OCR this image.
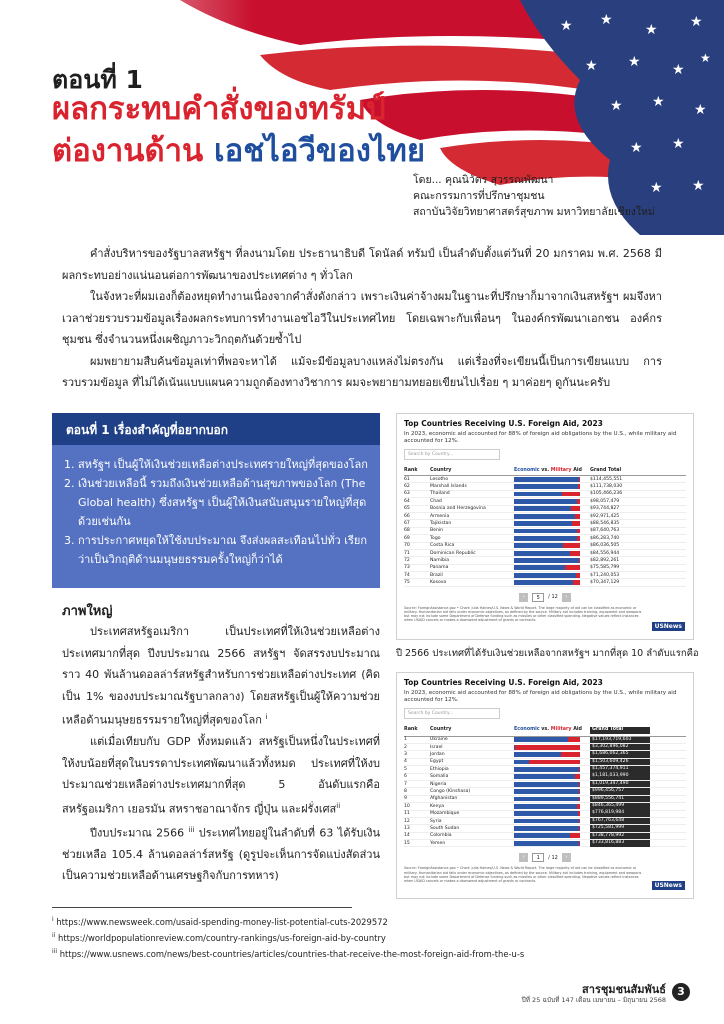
ตอนที่ 1
ผลกระทบคำสั่งของทรัมป์
ต่องานด้าน เอชไอวีของไทย
โดย... คุณนิวัตร สุวรรณพัฒนา
คณะกรรมการที่ปรึกษาชุมชน
สถาบันวิจัยวิทยาศาสตร์สุขภาพ มหาวิทยาลัยเชียงใหม่

คำสั่งบริหารของรัฐบาลสหรัฐฯ ที่ลงนามโดย ประธานาธิบดี โดนัลด์ ทรัมป์ เป็นลำดับตั้งแต่วันที่ 20 มกราคม พ.ศ. 2568 มีผลกระทบอย่างแน่นอนต่อการพัฒนาของประเทศต่าง ๆ ทั่วโลก

ในจังหวะที่ผมเองก็ต้องหยุดทำงานเนื่องจากคำสั่งดังกล่าว เพราะเงินค่าจ้างผมในฐานะที่ปรึกษาก็มาจากเงินสหรัฐฯ ผมจึงหาเวลาช่วยรวบรวมข้อมูลเรื่องผลกระทบการทำงานเอชไอวีในประเทศไทย โดยเฉพาะกับเพื่อนๆ ในองค์กรพัฒนาเอกชน องค์กรชุมชน ซึ่งจำนวนหนึ่งเผชิญภาวะวิกฤตกันด้วยซ้ำไป

ผมพยายามสืบค้นข้อมูลเท่าที่พอจะหาได้ แม้จะมีข้อมูลบางแหล่งไม่ตรงกัน แต่เรื่องที่จะเขียนนี้เป็นการเขียนแบบ การรวบรวมข้อมูล ที่ไม่ได้เน้นแบบแผนความถูกต้องทางวิชาการ ผมจะพยายามทยอยเขียนไปเรื่อย ๆ มาค่อยๆ ดูกันนะครับ

ตอนที่ 1 เรื่องสำคัญที่อยากบอก
1. สหรัฐฯ เป็นผู้ให้เงินช่วยเหลือต่างประเทศรายใหญ่ที่สุดของโลก
2. เงินช่วยเหลือนี้ รวมถึงเงินช่วยเหลือด้านสุขภาพของโลก (The Global health) ซึ่งสหรัฐฯ เป็นผู้ให้เงินสนับสนุนรายใหญ่ที่สุดด้วยเช่นกัน
3. การประกาศหยุดให้ใช้งบประมาณ จึงส่งผลสะเทือนไปทั่ว เรียกว่าเป็นวิกฤติด้านมนุษยธรรมครั้งใหญ่ก็ว่าได้
ภาพใหญ่

ประเทศสหรัฐอเมริกา เป็นประเทศที่ให้เงินช่วยเหลือต่างประเทศมากที่สุด ปีงบประมาณ 2566 สหรัฐฯ จัดสรรงบประมาณราว 40 พันล้านดอลล่าร์สหรัฐสำหรับการช่วยเหลือต่างประเทศ (คิดเป็น 1% ของงบประมาณรัฐบาลกลาง) โดยสหรัฐเป็นผู้ให้ความช่วยเหลือด้านมนุษยธรรมรายใหญ่ที่สุดของโลก $^i$

แต่เมื่อเทียบกับ GDP ทั้งหมดแล้ว สหรัฐเป็นหนึ่งในประเทศที่ให้งบน้อยที่สุดในบรรดาประเทศพัฒนาแล้วทั้งหมด ประเทศที่ให้งบประมาณช่วยเหลือต่างประเทศมากที่สุด 5 อันดับแรกคือ สหรัฐอเมริกา เยอรมัน สหราชอาณาจักร ญี่ปุ่น และฝรั่งเศส$^{ii}$

ปีงบประมาณ 2566 $^{iii}$ ประเทศไทยอยู่ในลำดับที่ 63 ได้รับเงินช่วยเหลือ 105.4 ล้านดอลล่าร์สหรัฐ (ดูรูปจะเห็นการจัดแบ่งสัดส่วนเป็นความช่วยเหลือด้านเศรษฐกิจกับการทหาร)

Top Countries Receiving U.S. Foreign Aid, 2023
In 2023, economic aid accounted for 88% of foreign aid obligations by the U.S., while military aid accounted for 12%.
Search by Country...
Rank	Country	Economic vs. Military Aid	Grand Total
61	Lesotho	$114,455,551
62	Marshall Islands	$111,738,030
63	Thailand	$105,466,236
64	Chad	$98,057,479
65	Bosnia and Herzegovina	$93,744,827
66	Armenia	$92,971,425
67	Tajikistan	$88,546,835
68	Benin	$87,640,763
69	Togo	$86,283,740
70	Costa Rica	$86,036,505
71	Dominican Republic	$84,556,944
72	Namibia	$82,892,261
73	Panama	$75,585,799
74	Brazil	$71,240,053
75	Kosovo	$70,347,129
‹	5	/ 12	›
Source: ForeignAssistance.gov • Chart: Julia Haines/U.S. News & World Report. The large majority of aid can be classified as economic or military. Humanitarian aid falls under economic objectives, as defined by the source. Military aid includes training, equipment and weapons but may not include some Department of Defense funding such as missiles or other classified spending. Negative values reflect instances when USAID cancels or makes a downward adjustment of grants or contracts.
USNews
ปี 2566 ประเทศที่ได้รับเงินช่วยเหลือจากสหรัฐฯ มากที่สุด 10 ลำดับแรกคือ
Top Countries Receiving U.S. Foreign Aid, 2023
In 2023, economic aid accounted for 88% of foreign aid obligations by the U.S., while military aid accounted for 12%.
Search by Country...
Rank	Country	Economic vs. Military Aid	Grand Total
1	Ukraine	$17,193,719,603
2	Israel	$3,302,896,082
3	Jordan	$1,686,062,365
4	Egypt	$1,503,609,426
5	Ethiopia	$1,457,374,911
6	Somalia	$1,181,033,990
7	Nigeria	$1,019,347,490
8	Congo (Kinshasa)	$996,456,757
9	Afghanistan	$889,556,741
10	Kenya	$846,365,499
11	Mozambique	$776,819,984
12	Syria	$767,763,648
13	South Sudan	$725,581,999
14	Colombia	$738,778,992
15	Yemen	$733,816,883
‹	1	/ 12	›
Source: ForeignAssistance.gov • Chart: Julia Haines/U.S. News & World Report. The large majority of aid can be classified as economic or military. Humanitarian aid falls under economic objectives, as defined by the source. Military aid includes training, equipment and weapons but may not include some Department of Defense funding such as missiles or other classified spending. Negative values reflect instances when USAID cancels or makes a downward adjustment of grants or contracts.
USNews
$^i$ https://www.newsweek.com/usaid-spending-money-list-potential-cuts-2029572
$^{ii}$ https://worldpopulationreview.com/country-rankings/us-foreign-aid-by-country
$^{iii}$ https://www.usnews.com/news/best-countries/articles/countries-that-receive-the-most-foreign-aid-from-the-u-s
สารชุมชนสัมพันธ์
ปีที่ 25 ฉบับที่ 147 เดือน เมษายน – มิถุนายน 2568
3
